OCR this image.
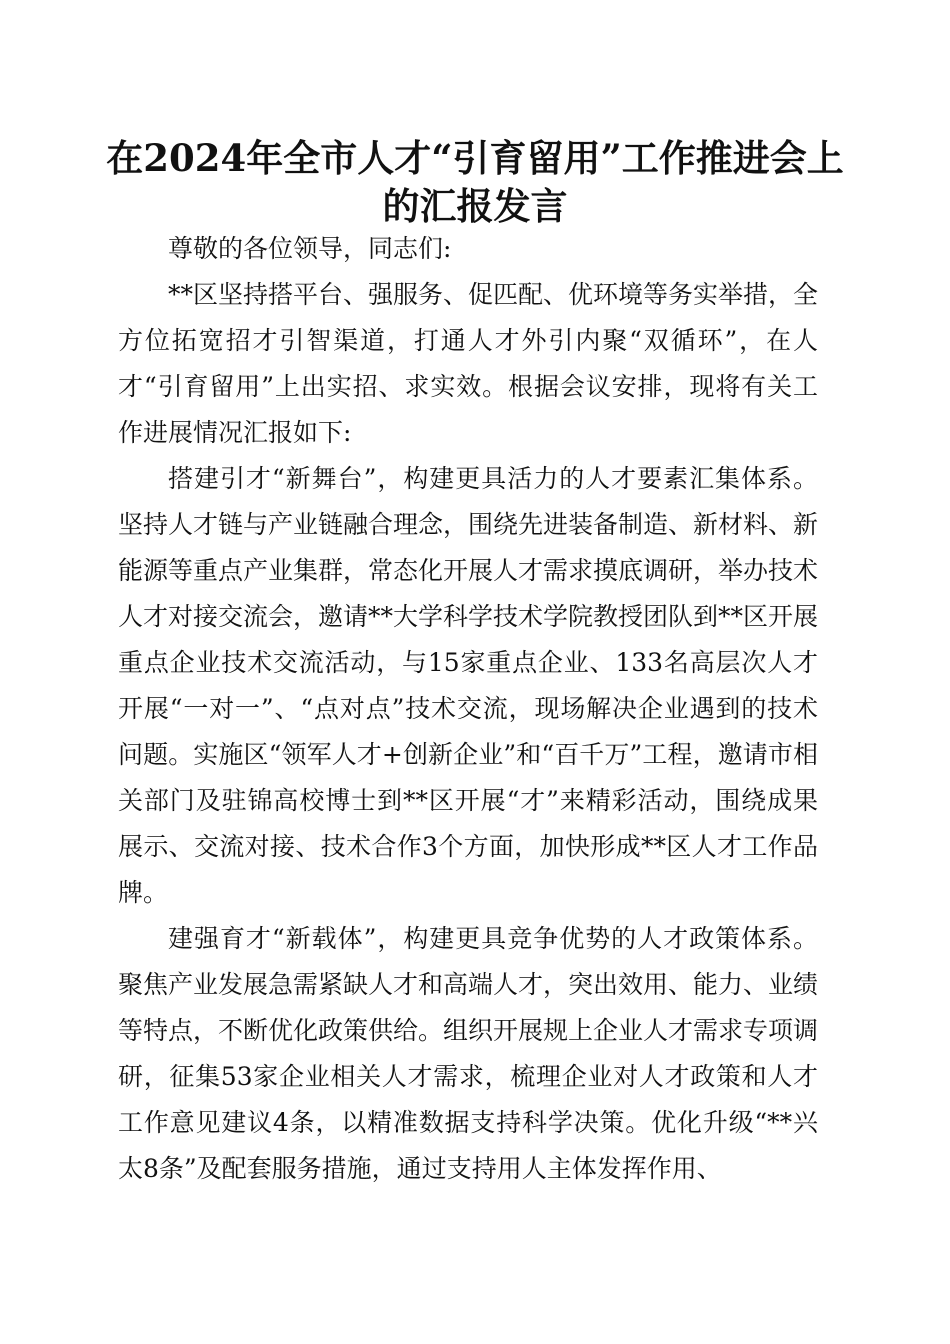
在2024年全市人才“引育留用”工作推进会上的汇报发言

尊敬的各位领导，同志们:

**区坚持搭平台、强服务、促匹配、优环境等务实举措，全方位拓宽招才引智渠道，打通人才外引内聚“双循环”，在人才“引育留用”上出实招、求实效。根据会议安排，现将有关工作进展情况汇报如下:

搭建引才“新舞台”，构建更具活力的人才要素汇集体系。坚持人才链与产业链融合理念，围绕先进装备制造、新材料、新能源等重点产业集群，常态化开展人才需求摸底调研，举办技术人才对接交流会，邀请**大学科学技术学院教授团队到**区开展重点企业技术交流活动，与15家重点企业、133名高层次人才开展“一对一”、“点对点”技术交流，现场解决企业遇到的技术问题。实施区“领军人才+创新企业”和“百千万”工程，邀请市相关部门及驻锦高校博士到**区开展“才”来精彩活动，围绕成果展示、交流对接、技术合作3个方面，加快形成**区人才工作品牌。

建强育才“新载体”，构建更具竞争优势的人才政策体系。聚焦产业发展急需紧缺人才和高端人才，突出效用、能力、业绩等特点，不断优化政策供给。组织开展规上企业人才需求专项调研，征集53家企业相关人才需求，梳理企业对人才政策和人才工作意见建议4条，以精准数据支持科学决策。优化升级“**兴太8条”及配套服务措施，通过支持用人主体发挥作用、
